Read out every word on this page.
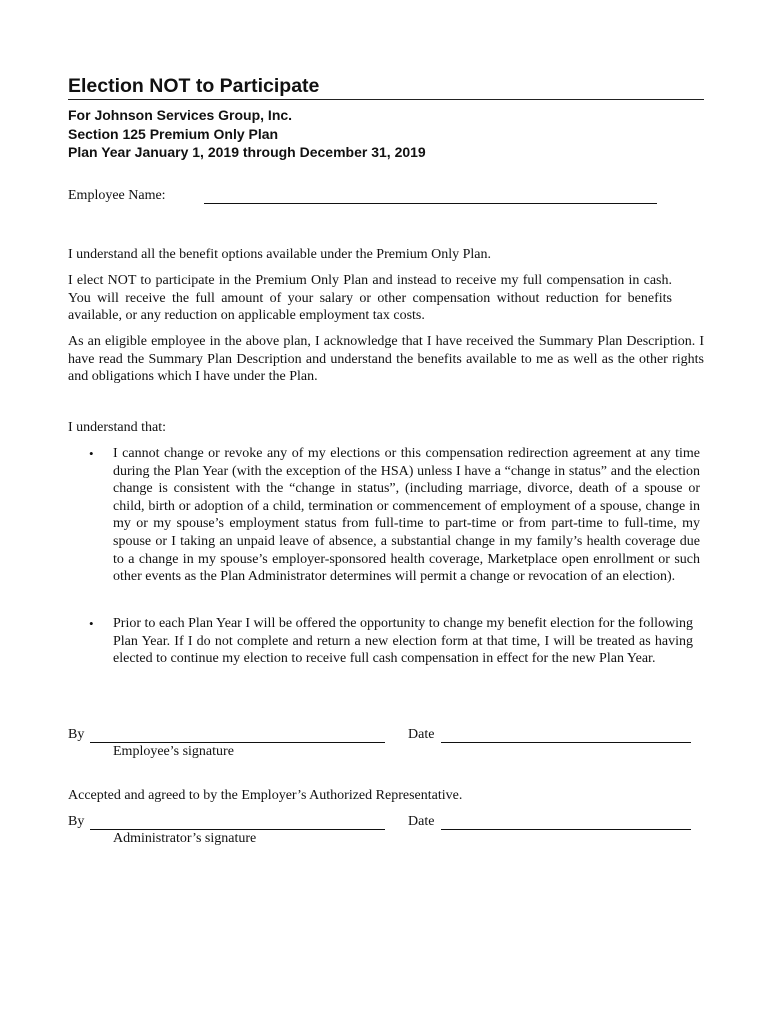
Election NOT to Participate
For Johnson Services Group, Inc.
Section 125 Premium Only Plan
Plan Year January 1, 2019 through December 31, 2019
Employee Name:
I understand all the benefit options available under the Premium Only Plan.
I elect NOT to participate in the Premium Only Plan and instead to receive my full compensation in cash. You will receive the full amount of your salary or other compensation without reduction for benefits available, or any reduction on applicable employment tax costs.
As an eligible employee in the above plan, I acknowledge that I have received the Summary Plan Description. I have read the Summary Plan Description and understand the benefits available to me as well as the other rights and obligations which I have under the Plan.
I understand that:
• I cannot change or revoke any of my elections or this compensation redirection agreement at any time during the Plan Year (with the exception of the HSA) unless I have a “change in status” and the election change is consistent with the “change in status”, (including marriage, divorce, death of a spouse or child, birth or adoption of a child, termination or commencement of employment of a spouse, change in my or my spouse’s employment status from full-time to part-time or from part-time to full-time, my spouse or I taking an unpaid leave of absence, a substantial change in my family’s health coverage due to a change in my spouse’s employer-sponsored health coverage, Marketplace open enrollment or such other events as the Plan Administrator determines will permit a change or revocation of an election).
• Prior to each Plan Year I will be offered the opportunity to change my benefit election for the following Plan Year. If I do not complete and return a new election form at that time, I will be treated as having elected to continue my election to receive full cash compensation in effect for the new Plan Year.
By	Date
Employee’s signature
Accepted and agreed to by the Employer’s Authorized Representative.
By	Date
Administrator’s signature
